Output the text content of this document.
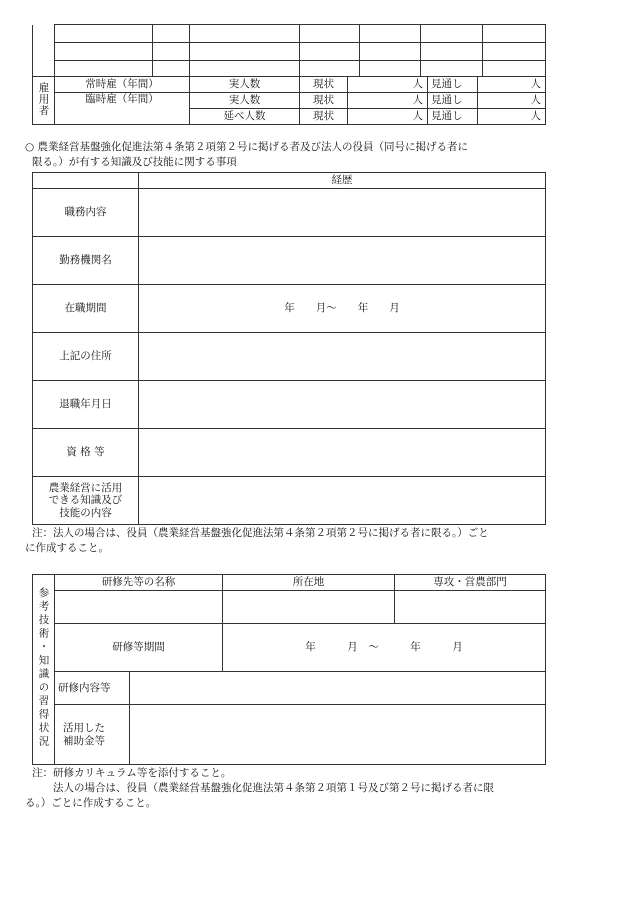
雇用者	常時雇（年間）	実人数	現状	人	見通し	人
	臨時雇（年間）	実人数	現状	人	見通し	人
		延べ人数	現状	人	見通し	人
○ 農業経営基盤強化促進法第４条第２項第２号に掲げる者及び法人の役員（同号に掲げる者に
限る。）が有する知識及び技能に関する事項
	経歴
職務内容	
勤務機関名	
在職期間	年　　月～　　年　　月
上記の住所	
退職年月日	
資 格 等	

農業経営に活用
できる知識及び
技能の内容	

注：法人の場合は、役員（農業経営基盤強化促進法第４条第２項第２号に掲げる者に限る。）ごと
に作成すること。
参考技術・知識の習得状況	研修先等の名称		所在地	専攻・営農部門

	研修等期間		年　　　月　～　　　年　　　月	
	研修内容等			

	活用した
補助金等			

注：研修カリキュラム等を添付すること。
　　法人の場合は、役員（農業経営基盤強化促進法第４条第２項第１号及び第２号に掲げる者に限
る。）ごとに作成すること。
